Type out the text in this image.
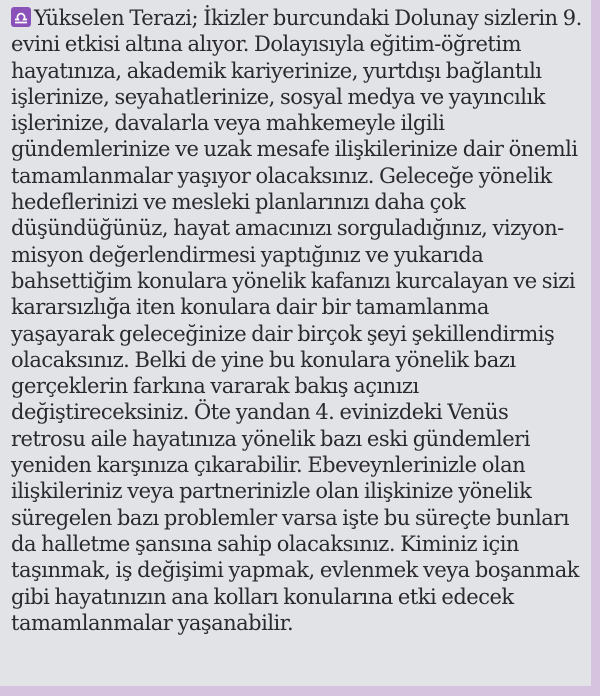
Yükselen Terazi; İkizler burcundaki Dolunay sizlerin 9. evini etkisi altına alıyor. Dolayısıyla eğitim-öğretim hayatınıza, akademik kariyerinize, yurtdışı bağlantılı işlerinize, seyahatlerinize, sosyal medya ve yayıncılık işlerinize, davalarla veya mahkemeyle ilgili gündemlerinize ve uzak mesafe ilişkilerinize dair önemli tamamlanmalar yaşıyor olacaksınız. Geleceğe yönelik hedeflerinizi ve mesleki planlarınızı daha çok düşündüğünüz, hayat amacınızı sorguladığınız, vizyon-misyon değerlendirmesi yaptığınız ve yukarıda bahsettiğim konulara yönelik kafanızı kurcalayan ve sizi kararsızlığa iten konulara dair bir tamamlanma yaşayarak geleceğinize dair birçok şeyi şekillendirmiş olacaksınız. Belki de yine bu konulara yönelik bazı gerçeklerin farkına vararak bakış açınızı değiştireceksiniz. Öte yandan 4. evinizdeki Venüs retrosu aile hayatınıza yönelik bazı eski gündemleri yeniden karşınıza çıkarabilir. Ebeveynlerinizle olan ilişkileriniz veya partnerinizle olan ilişkinize yönelik süregelen bazı problemler varsa işte bu süreçte bunları da halletme şansına sahip olacaksınız. Kiminiz için taşınmak, iş değişimi yapmak, evlenmek veya boşanmak gibi hayatınızın ana kolları konularına etki edecek tamamlanmalar yaşanabilir.
